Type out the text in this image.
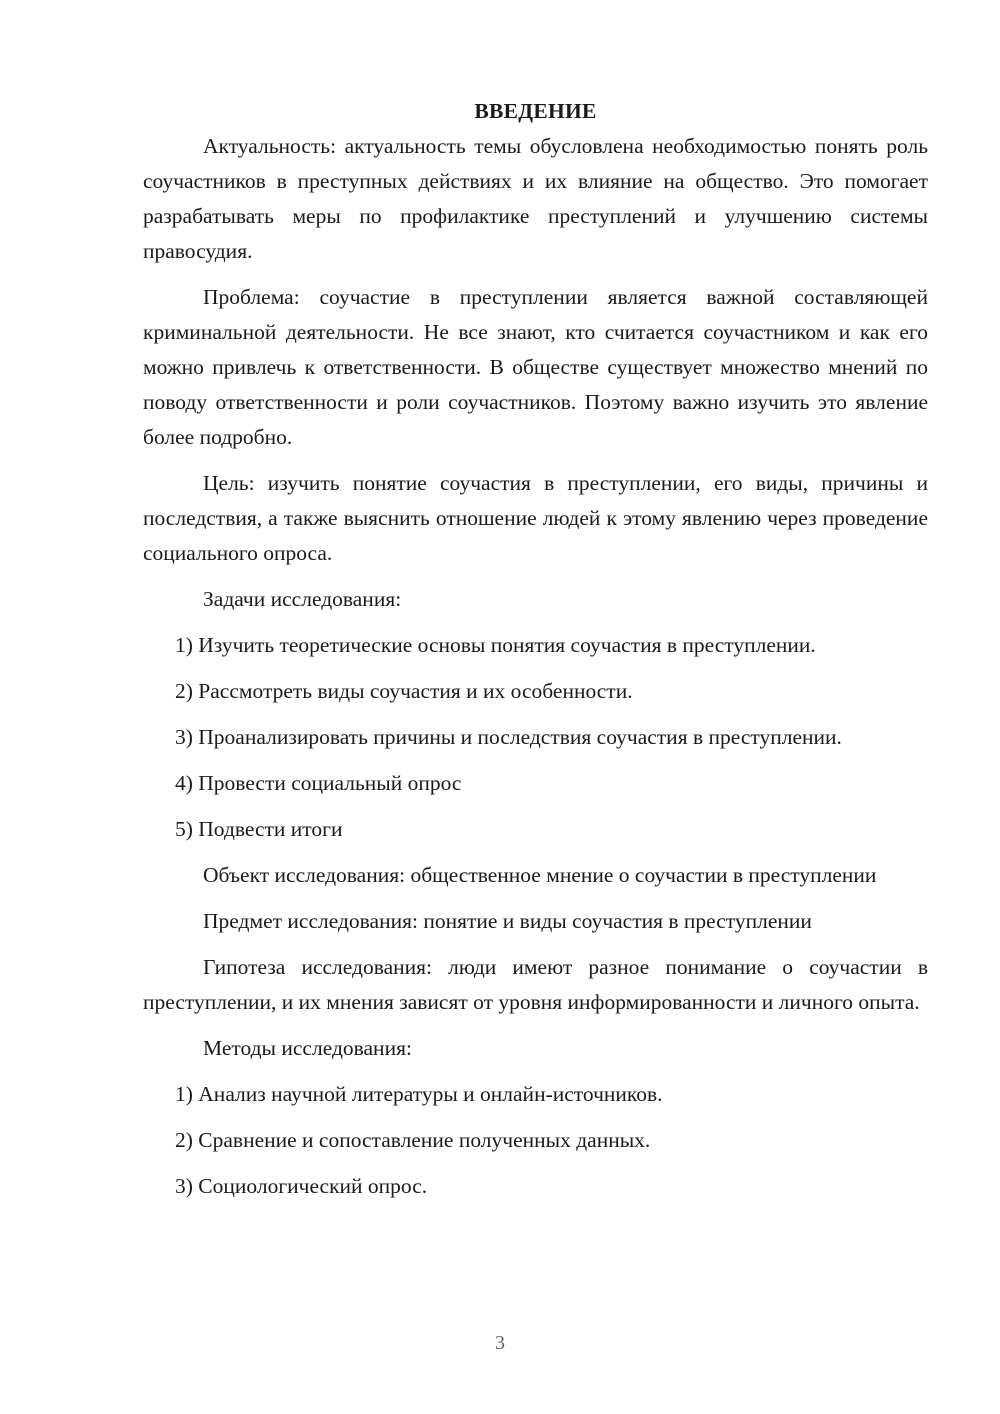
ВВЕДЕНИЕ

Актуальность: актуальность темы обусловлена необходимостью понять роль соучастников в преступных действиях и их влияние на общество. Это помогает разрабатывать меры по профилактике преступлений и улучшению системы правосудия.

Проблема: соучастие в преступлении является важной составляющей криминальной деятельности. Не все знают, кто считается соучастником и как его можно привлечь к ответственности. В обществе существует множество мнений по поводу ответственности и роли соучастников. Поэтому важно изучить это явление более подробно.

Цель: изучить понятие соучастия в преступлении, его виды, причины и последствия, а также выяснить отношение людей к этому явлению через проведение социального опроса.

Задачи исследования:

1) Изучить теоретические основы понятия соучастия в преступлении.

2) Рассмотреть виды соучастия и их особенности.

3) Проанализировать причины и последствия соучастия в преступлении.

4) Провести социальный опрос

5) Подвести итоги

Объект исследования: общественное мнение о соучастии в преступлении

Предмет исследования: понятие и виды соучастия в преступлении

Гипотеза исследования: люди имеют разное понимание о соучастии в преступлении, и их мнения зависят от уровня информированности и личного опыта.

Методы исследования:

1) Анализ научной литературы и онлайн-источников.

2) Сравнение и сопоставление полученных данных.

3) Социологический опрос.

3
